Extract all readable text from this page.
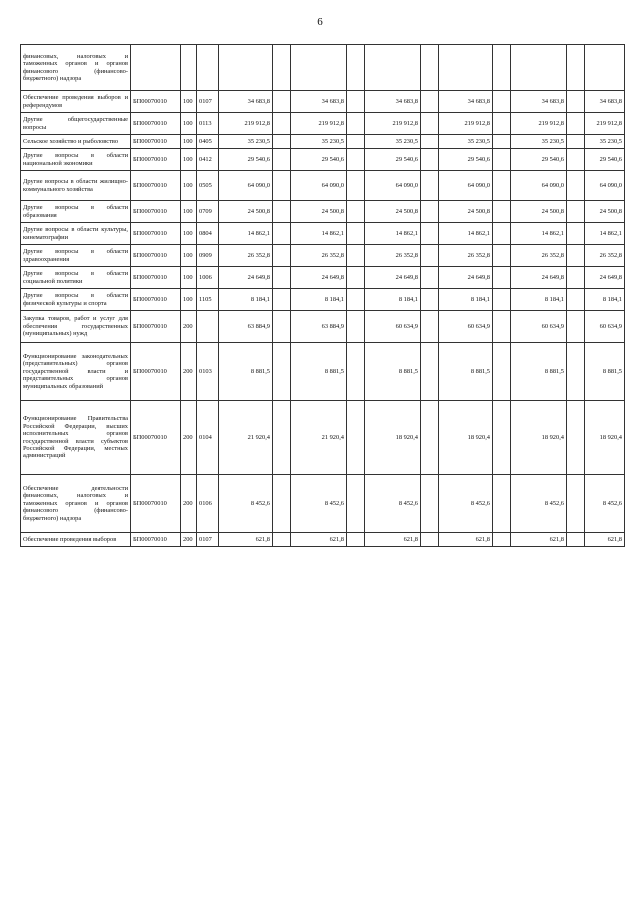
6
финансовых, налоговых и таможенных органов и органов финансового (финансово-бюджетного) надзора														
Обеспечение проведения выборов и референдумов	БП00070010	100	0107	34 683,8		34 683,8		34 683,8		34 683,8		34 683,8		34 683,8
Другие общегосударственные вопросы	БП00070010	100	0113	219 912,8		219 912,8		219 912,8		219 912,8		219 912,8		219 912,8
Сельское хозяйство и рыболовство	БП00070010	100	0405	35 230,5		35 230,5		35 230,5		35 230,5		35 230,5		35 230,5
Другие вопросы в области национальной экономики	БП00070010	100	0412	29 540,6		29 540,6		29 540,6		29 540,6		29 540,6		29 540,6
Другие вопросы в области жилищно-коммунального хозяйства	БП00070010	100	0505	64 090,0		64 090,0		64 090,0		64 090,0		64 090,0		64 090,0
Другие вопросы в области образования	БП00070010	100	0709	24 500,8		24 500,8		24 500,8		24 500,8		24 500,8		24 500,8
Другие вопросы в области культуры, кинематографии	БП00070010	100	0804	14 862,1		14 862,1		14 862,1		14 862,1		14 862,1		14 862,1
Другие вопросы в области здравоохранения	БП00070010	100	0909	26 352,8		26 352,8		26 352,8		26 352,8		26 352,8		26 352,8
Другие вопросы в области социальной политики	БП00070010	100	1006	24 649,8		24 649,8		24 649,8		24 649,8		24 649,8		24 649,8
Другие вопросы в области физической культуры и спорта	БП00070010	100	1105	8 184,1		8 184,1		8 184,1		8 184,1		8 184,1		8 184,1
Закупка товаров, работ и услуг для обеспечения государственных (муниципальных) нужд	БП00070010	200		63 884,9		63 884,9		60 634,9		60 634,9		60 634,9		60 634,9
Функционирование законодательных (представительных) органов государственной власти и представительных органов муниципальных образований	БП00070010	200	0103	8 881,5		8 881,5		8 881,5		8 881,5		8 881,5		8 881,5
Функционирование Правительства Российской Федерации, высших исполнительных органов государственной власти субъектов Российской Федерации, местных администраций	БП00070010	200	0104	21 920,4		21 920,4		18 920,4		18 920,4		18 920,4		18 920,4
Обеспечение деятельности финансовых, налоговых и таможенных органов и органов финансового (финансово-бюджетного) надзора	БП00070010	200	0106	8 452,6		8 452,6		8 452,6		8 452,6		8 452,6		8 452,6
Обеспечение проведения выборов	БП00070010	200	0107	621,8		621,8		621,8		621,8		621,8		621,8
